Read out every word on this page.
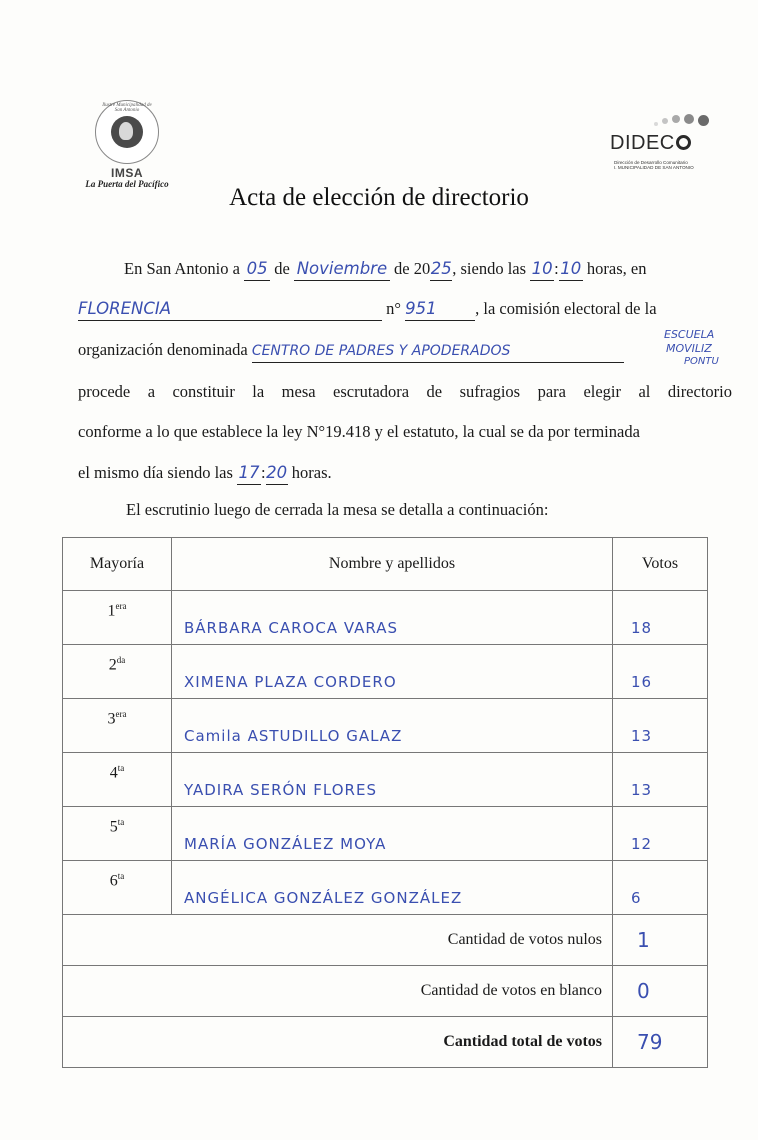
Ilustre Municipalidad de San Antonio
IMSA
La Puerta del Pacífico
DIDEC
Dirección de Desarrollo Comunitario
I. MUNICIPALIDAD DE SAN ANTONIO
Acta de elección de directorio
En San Antonio a 05 de Noviembre de 2025, siendo las 10:10 horas, en
FLORENCIA	n° 951 , la comisión electoral de la
organización denominada CENTRO DE PADRES Y APODERADOS
ESCUELA
MOVILIZ
PONTU
procede a constituir la mesa escrutadora de sufragios para elegir al directorio
conforme a lo que establece la ley N°19.418 y el estatuto, la cual se da por terminada
el mismo día siendo las 17:20 horas.
El escrutinio luego de cerrada la mesa se detalla a continuación:
Mayoría	Nombre y apellidos	Votos
$1^{era}$	BÁRBARA CAROCA VARAS	18
$2^{da}$	XIMENA PLAZA CORDERO	16
$3^{era}$	Camila ASTUDILLO GALAZ	13
$4^{ta}$	YADIRA SERÓN FLORES	13
$5^{ta}$	MARÍA GONZÁLEZ MOYA	12
$6^{ta}$	ANGÉLICA GONZÁLEZ GONZÁLEZ	6
Cantidad de votos nulos		1
Cantidad de votos en blanco		0
Cantidad total de votos		79
